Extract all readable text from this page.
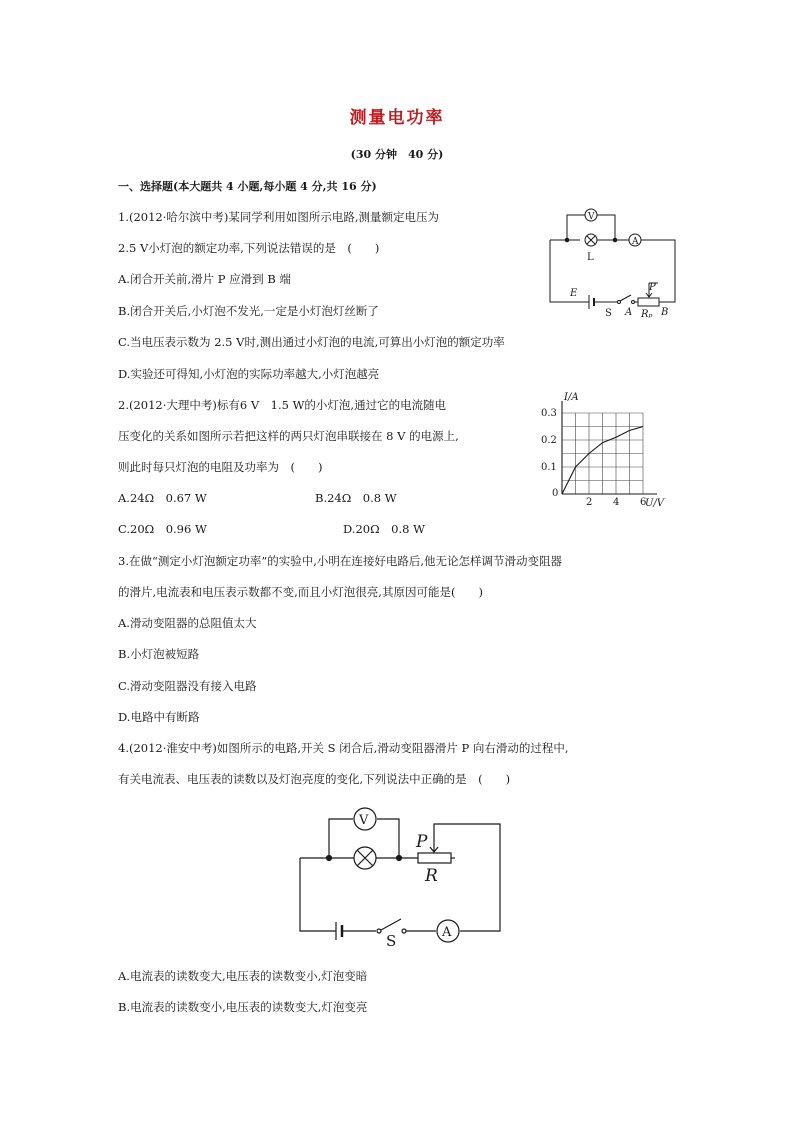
测量电功率
(30 分钟　40 分)
一、选择题(本大题共 4 小题,每小题 4 分,共 16 分)
1.(2012·哈尔滨中考)某同学利用如图所示电路,测量额定电压为
2.5 V小灯泡的额定功率,下列说法错误的是　(　　)
A.闭合开关前,滑片 P 应滑到 B 端
B.闭合开关后,小灯泡不发光,一定是小灯泡灯丝断了
C.当电压表示数为 2.5 V时,测出通过小灯泡的电流,可算出小灯泡的额定功率
D.实验还可得知,小灯泡的实际功率越大,小灯泡越亮
V
A
L
P
E
S A Rₚ B
2.(2012·大理中考)标有6 V　1.5 W的小灯泡,通过它的电流随电
压变化的关系如图所示若把这样的两只灯泡串联接在 8 V 的电源上,
则此时每只灯泡的电阻及功率为　(　　)
A.24Ω　0.67 W	B.24Ω　0.8 W
C.20Ω　0.96 W	D.20Ω　0.8 W
I/A
U/V
0
2 4 6
0.1
0.2
0.3
3.在做“测定小灯泡额定功率”的实验中,小明在连接好电路后,他无论怎样调节滑动变阻器
的滑片,电流表和电压表示数都不变,而且小灯泡很亮,其原因可能是(　　)
A.滑动变阻器的总阻值太大
B.小灯泡被短路
C.滑动变阻器没有接入电路
D.电路中有断路
4.(2012·淮安中考)如图所示的电路,开关 S 闭合后,滑动变阻器滑片 P 向右滑动的过程中,
有关电流表、电压表的读数以及灯泡亮度的变化,下列说法中正确的是　(　　)
V
P
R
S	A
A.电流表的读数变大,电压表的读数变小,灯泡变暗
B.电流表的读数变小,电压表的读数变大,灯泡变亮
